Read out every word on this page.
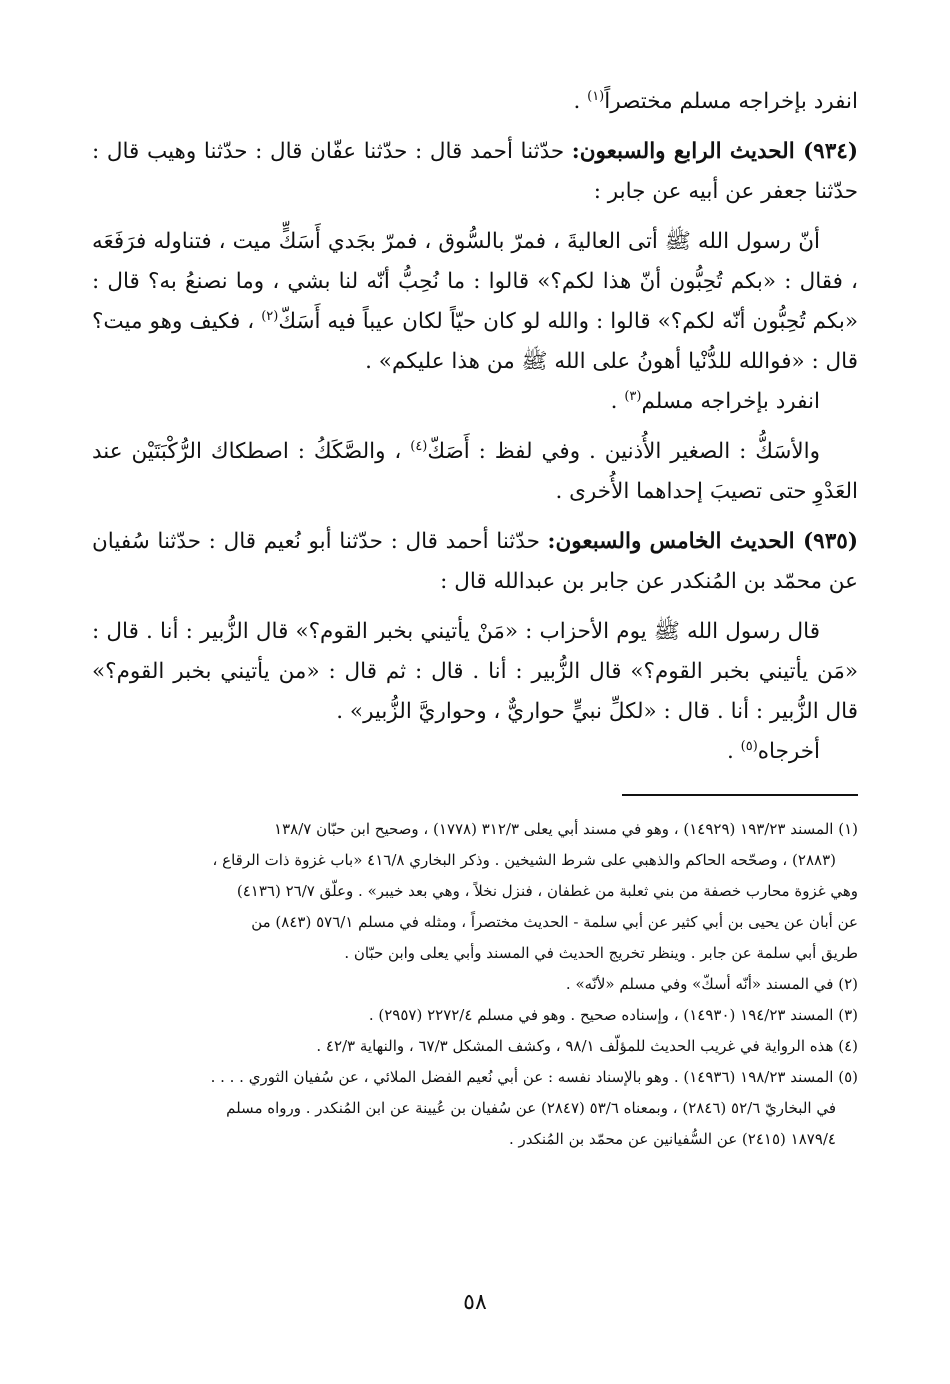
انفرد بإخراجه مسلم مختصراً$^{(١)}$ .

(٩٣٤) الحديث الرابع والسبعون: حدّثنا أحمد قال : حدّثنا عفّان قال : حدّثنا وهيب قال : حدّثنا جعفر عن أبيه عن جابر :

أنّ رسول الله ﷺ أتى العاليةَ ، فمرّ بالسُّوق ، فمرّ بجَدي أَسَكٍّ ميت ، فتناوله فرَفَعَه ، فقال : «بكم تُحِبُّون أنّ هذا لكم؟» قالوا : ما نُحِبُّ أنّه لنا بشي ، وما نصنعُ به؟ قال : «بكم تُحِبُّون أنّه لكم؟» قالوا : والله لو كان حيّاً لكان عيباً فيه أَسَكّ$^{(٢)}$ ، فكيف وهو ميت؟ قال : «فوالله للدُّنْيا أهونُ على الله ﷺ من هذا عليكم» .

انفرد بإخراجه مسلم$^{(٣)}$ .

والأسَكُّ : الصغير الأُذنين . وفي لفظ : أَصَكّ$^{(٤)}$ ، والصَّكَكُ : اصطكاك الرُّكْبَتَيْن عند العَدْوِ حتى تصيبَ إحداهما الأُخرى .

(٩٣٥) الحديث الخامس والسبعون: حدّثنا أحمد قال : حدّثنا أبو نُعيم قال : حدّثنا سُفيان عن محمّد بن المُنكدر عن جابر بن عبدالله قال :

قال رسول الله ﷺ يوم الأحزاب : «مَنْ يأتيني بخبر القوم؟» قال الزُّبير : أنا . قال : «مَن يأتيني بخبر القوم؟» قال الزُّبير : أنا . قال : ثم قال : «من يأتيني بخبر القوم؟» قال الزُّبير : أنا . قال : «لكلِّ نبيٍّ حواريٌّ ، وحواريَّ الزُّبير» .

أخرجاه$^{(٥)}$ .

(١) المسند ١٩٣/٢٣ (١٤٩٢٩) ، وهو في مسند أبي يعلى ٣١٢/٣ (١٧٧٨) ، وصحيح ابن حبّان ١٣٨/٧
(٢٨٨٣) ، وصحّحه الحاكم والذهبي على شرط الشيخين . وذكر البخاري ٤١٦/٨ «باب غزوة ذات الرقاع ،
وهي غزوة محارب خصفة من بني ثعلبة من غطفان ، فنزل نخلاً ، وهي بعد خيبر» . وعلّق ٢٦/٧ (٤١٣٦)
عن أبان عن يحيى بن أبي كثير عن أبي سلمة - الحديث مختصراً ، ومثله في مسلم ٥٧٦/١ (٨٤٣) من
طريق أبي سلمة عن جابر . وينظر تخريج الحديث في المسند وأبي يعلى وابن حبّان .
(٢) في المسند «أنّه أسكّ» وفي مسلم «لأنّه» .
(٣) المسند ١٩٤/٢٣ (١٤٩٣٠) ، وإسناده صحيح . وهو في مسلم ٢٢٧٢/٤ (٢٩٥٧) .
(٤) هذه الرواية في غريب الحديث للمؤلّف ٩٨/١ ، وكشف المشكل ٦٧/٣ ، والنهاية ٤٢/٣ .
(٥) المسند ١٩٨/٢٣ (١٤٩٣٦) . وهو بالإسناد نفسه : عن أبي نُعيم الفضل الملائي ، عن سُفيان الثوري . . . .
في البخاريّ ٥٢/٦ (٢٨٤٦) ، وبمعناه ٥٣/٦ (٢٨٤٧) عن سُفيان بن عُيينة عن ابن المُنكدر . ورواه مسلم
١٨٧٩/٤ (٢٤١٥) عن السُّفيانين عن محمّد بن المُنكدر .
٥٨
